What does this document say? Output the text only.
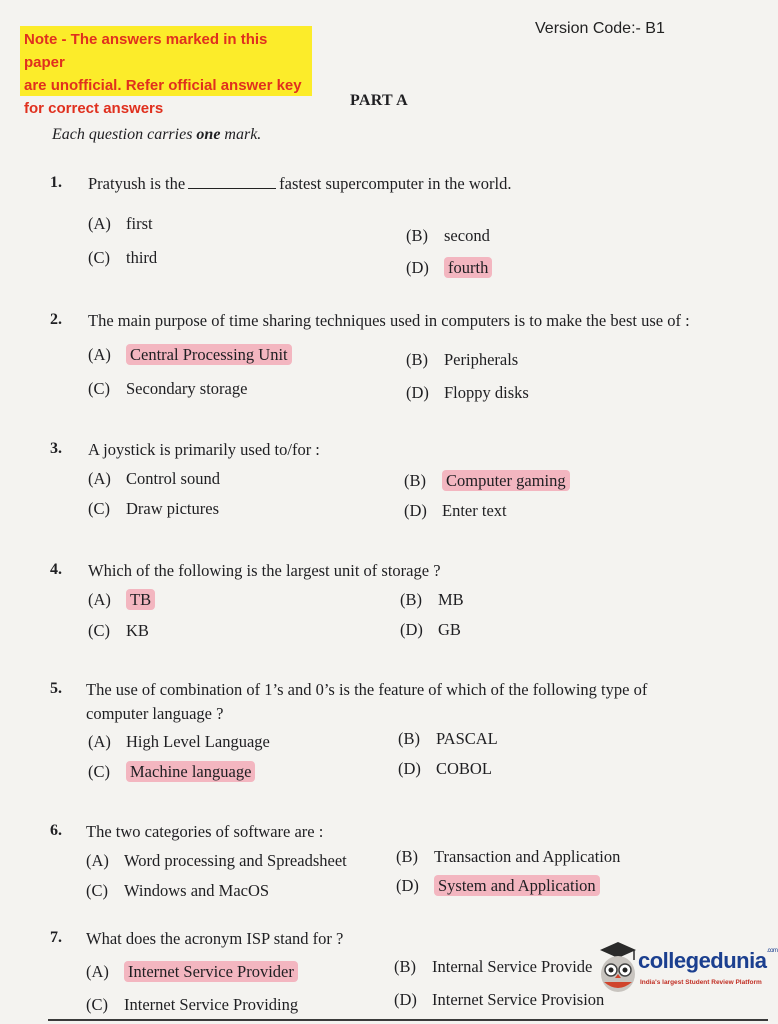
Note - The answers marked in this paper
are unofficial. Refer official answer key
for correct answers
Version Code:- B1
PART A
Each question carries one mark.
1. Pratyush is the	fastest supercomputer in the world.
(A) first
(B) second
(C) third
(D) fourth
2. The main purpose of time sharing techniques used in computers is to make the best use of :
(A) Central Processing Unit	(B) Peripherals
(C) Secondary storage	(D) Floppy disks
3. A joystick is primarily used to/for :
(A) Control sound	(B) Computer gaming
(C) Draw pictures	(D) Enter text
4. Which of the following is the largest unit of storage ?
(A) TB	(B) MB
(C) KB	(D) GB
5. The use of combination of 1’s and 0’s is the feature of which of the following type of
computer language ?
(A) High Level Language	(B) PASCAL
(C) Machine language	(D) COBOL
6. The two categories of software are :
(A) Word processing and Spreadsheet	(B) Transaction and Application
(C) Windows and MacOS	(D) System and Application
7. What does the acronym ISP stand for ?
(A) Internet Service Provider	(B) Internal Service Provide
(C) Internet Service Providing	(D) Internet Service Provision
collegedunia$^{.com}$
India's largest Student Review Platform
